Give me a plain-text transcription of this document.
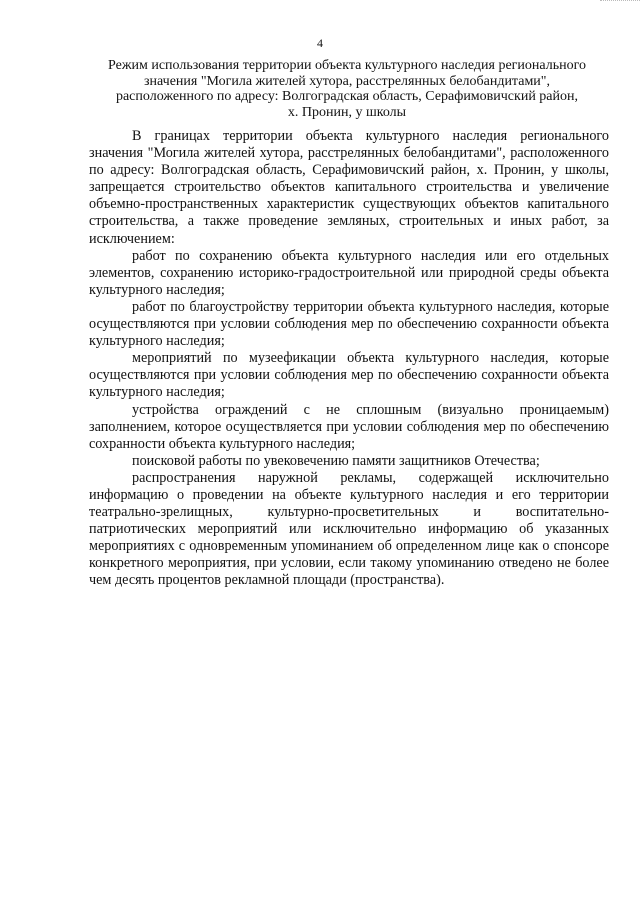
4
Режим использования территории объекта культурного наследия регионального
значения "Могила жителей хутора, расстрелянных белобандитами",
расположенного по адресу: Волгоградская область, Серафимовичский район,
х. Пронин, у школы

В границах территории объекта культурного наследия регионального значения "Могила жителей хутора, расстрелянных белобандитами", расположенного по адресу: Волгоградская область, Серафимовичский район, х. Пронин, у школы, запрещается строительство объектов капитального строительства и увеличение объемно-пространственных характеристик существующих объектов капитального строительства, а также проведение земляных, строительных и иных работ, за исключением:

работ по сохранению объекта культурного наследия или его отдельных элементов, сохранению историко-градостроительной или природной среды объекта культурного наследия;

работ по благоустройству территории объекта культурного наследия, которые осуществляются при условии соблюдения мер по обеспечению сохранности объекта культурного наследия;

мероприятий по музеефикации объекта культурного наследия, которые осуществляются при условии соблюдения мер по обеспечению сохранности объекта культурного наследия;

устройства ограждений с не сплошным (визуально проницаемым) заполнением, которое осуществляется при условии соблюдения мер по обеспечению сохранности объекта культурного наследия;

поисковой работы по увековечению памяти защитников Отечества;

распространения наружной рекламы, содержащей исключительно информацию о проведении на объекте культурного наследия и его территории театрально-зрелищных, культурно-просветительных и воспитательно-патриотических мероприятий или исключительно информацию об указанных мероприятиях с одновременным упоминанием об определенном лице как о спонсоре конкретного мероприятия, при условии, если такому упоминанию отведено не более чем десять процентов рекламной площади (пространства).
